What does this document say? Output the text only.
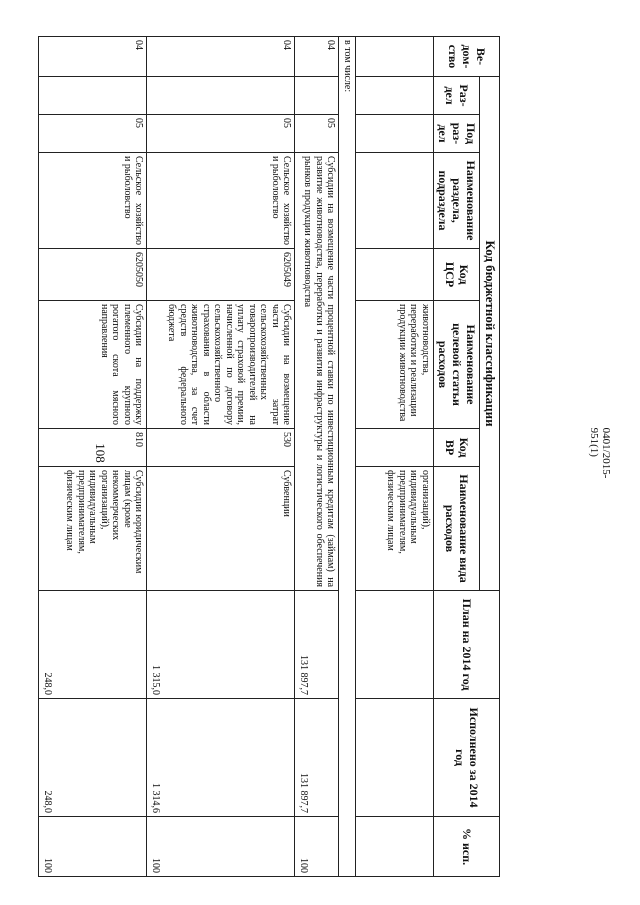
108	0401/2015-951(1)
Ве-дом-ство	Код бюджетной классификации							План на 2014 год	Исполнено за 2014 год	% исп.
	Раз-дел	Под раз-дел	Наименование раздела, подраздела	Код ЦСР	Наименование целевой статьи расходов	Код ВР	Наименование вида расходов			
					животноводства, переработки и реализации продукции животноводства		организаций), индивидуальным предпринимателям, физическим лицам			
в том числе:										
04		05	Субсидии на возмещение части процентной ставки по инвестиционным кредитам (займам) на развитие животноводства, переработки и развития инфраструктуры и логистического обеспечения рынков продукции животноводства					131 897,7	131 897,7	100
04		05	Сельское хозяйство и рыболовство	6205049	Субсидии на возмещение части затрат сельскохозяйственных товаропроизводителей на уплату страховой премии, начисленной по договору сельскохозяйственного страхования в области животноводства, за счет средств федерального бюджета	530	Субвенции	1 315,0	1 314,6	100
04		05	Сельское хозяйство и рыболовство	6205050	Субсидии на поддержку племенного крупного рогатого скота мясного направления	810	Субсидии юридическим лицам (кроме некоммерческих организаций), индивидуальным предпринимателям, физическим лицам	248,0	248,0	100
